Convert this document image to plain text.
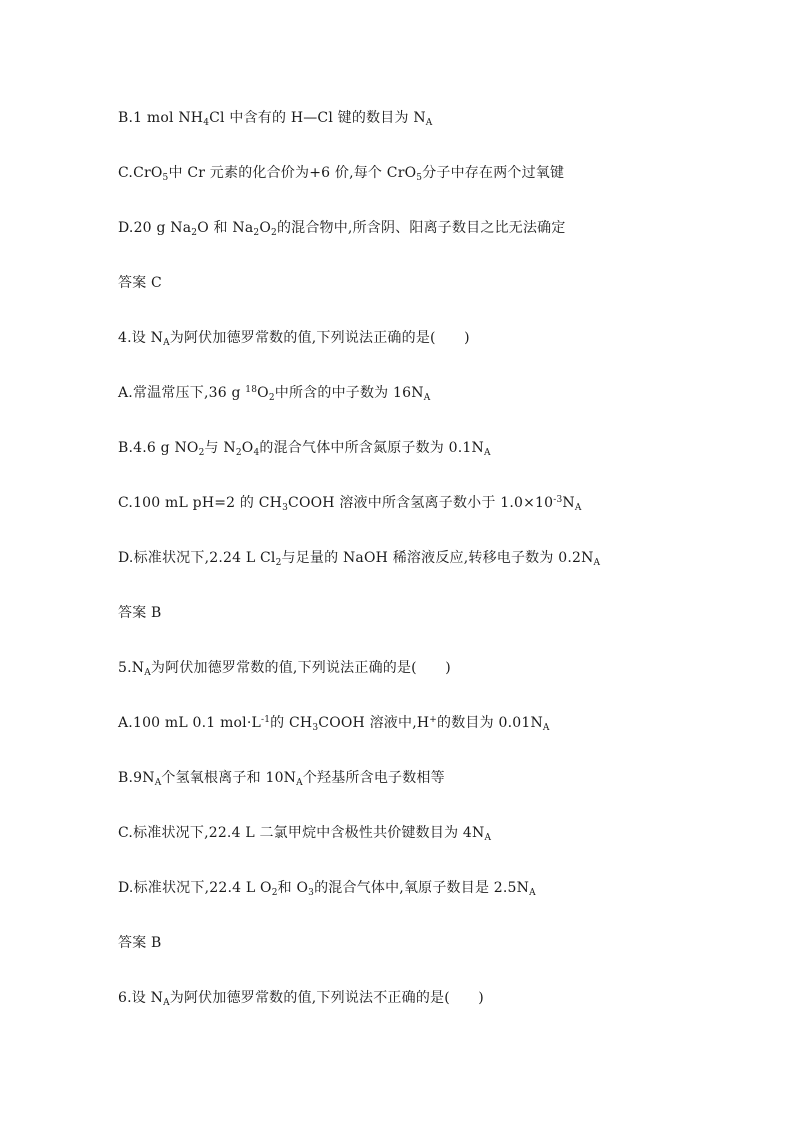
B.1 mol $NH_4Cl$ 中含有的 H—Cl 键的数目为 $N_A$
C.CrO$_5$中 Cr 元素的化合价为+6 价,每个 CrO$_5$分子中存在两个过氧键
D.20 g $Na_2O$ 和 $Na_2O_2$的混合物中,所含阴、阳离子数目之比无法确定
答案 C
4.设 $N_A$为阿伏加德罗常数的值,下列说法正确的是(　　)
A.常温常压下,36 g $^{18}O_2$中所含的中子数为 $16N_A$
B.4.6 g $NO_2$与 $N_2O_4$的混合气体中所含氮原子数为 $0.1N_A$
C.100 mL pH=2 的 $CH_3COOH$ 溶液中所含氢离子数小于 $1.0\times 10^{-3}N_A$
D.标准状况下,2.24 L $Cl_2$与足量的 NaOH 稀溶液反应,转移电子数为 $0.2N_A$
答案 B
$5.N_A$为阿伏加德罗常数的值,下列说法正确的是(　　)
A.100 mL 0.1 $mol\cdot L^{-1}$的 $CH_3COOH$ 溶液中,H+的数目为 $0.01N_A$
$B.9N_A$个氢氧根离子和 $10N_A$个羟基所含电子数相等
C.标准状况下,22.4 L 二氯甲烷中含极性共价键数目为 $4N_A$
D.标准状况下,22.4 L $O_2$和 $O_3$的混合气体中,氧原子数目是 $2.5N_A$
答案 B
6.设 $N_A$为阿伏加德罗常数的值,下列说法不正确的是(　　)
